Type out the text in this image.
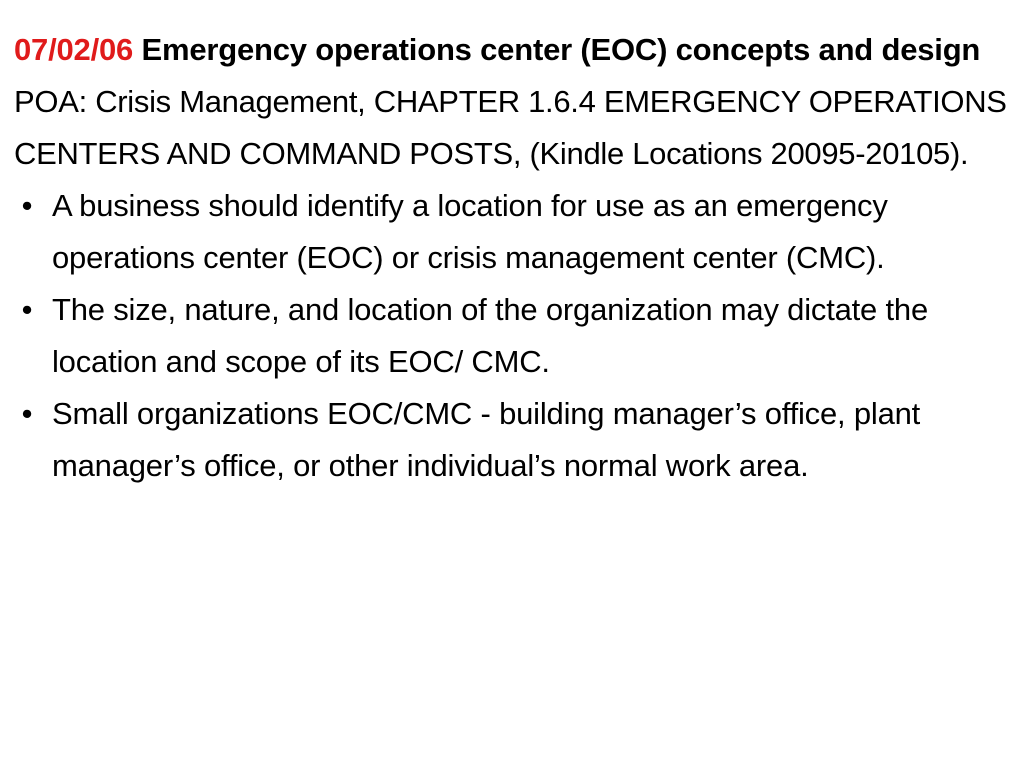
07/02/06 Emergency operations center (EOC) concepts and design
POA: Crisis Management, CHAPTER 1.6.4 EMERGENCY OPERATIONS CENTERS AND COMMAND POSTS, (Kindle Locations 20095-20105).
• A business should identify a location for use as an emergency operations center (EOC) or crisis management center (CMC).
• The size, nature, and location of the organization may dictate the location and scope of its EOC/ CMC.
• Small organizations EOC/CMC - building manager’s office, plant manager’s office, or other individual’s normal work area.
